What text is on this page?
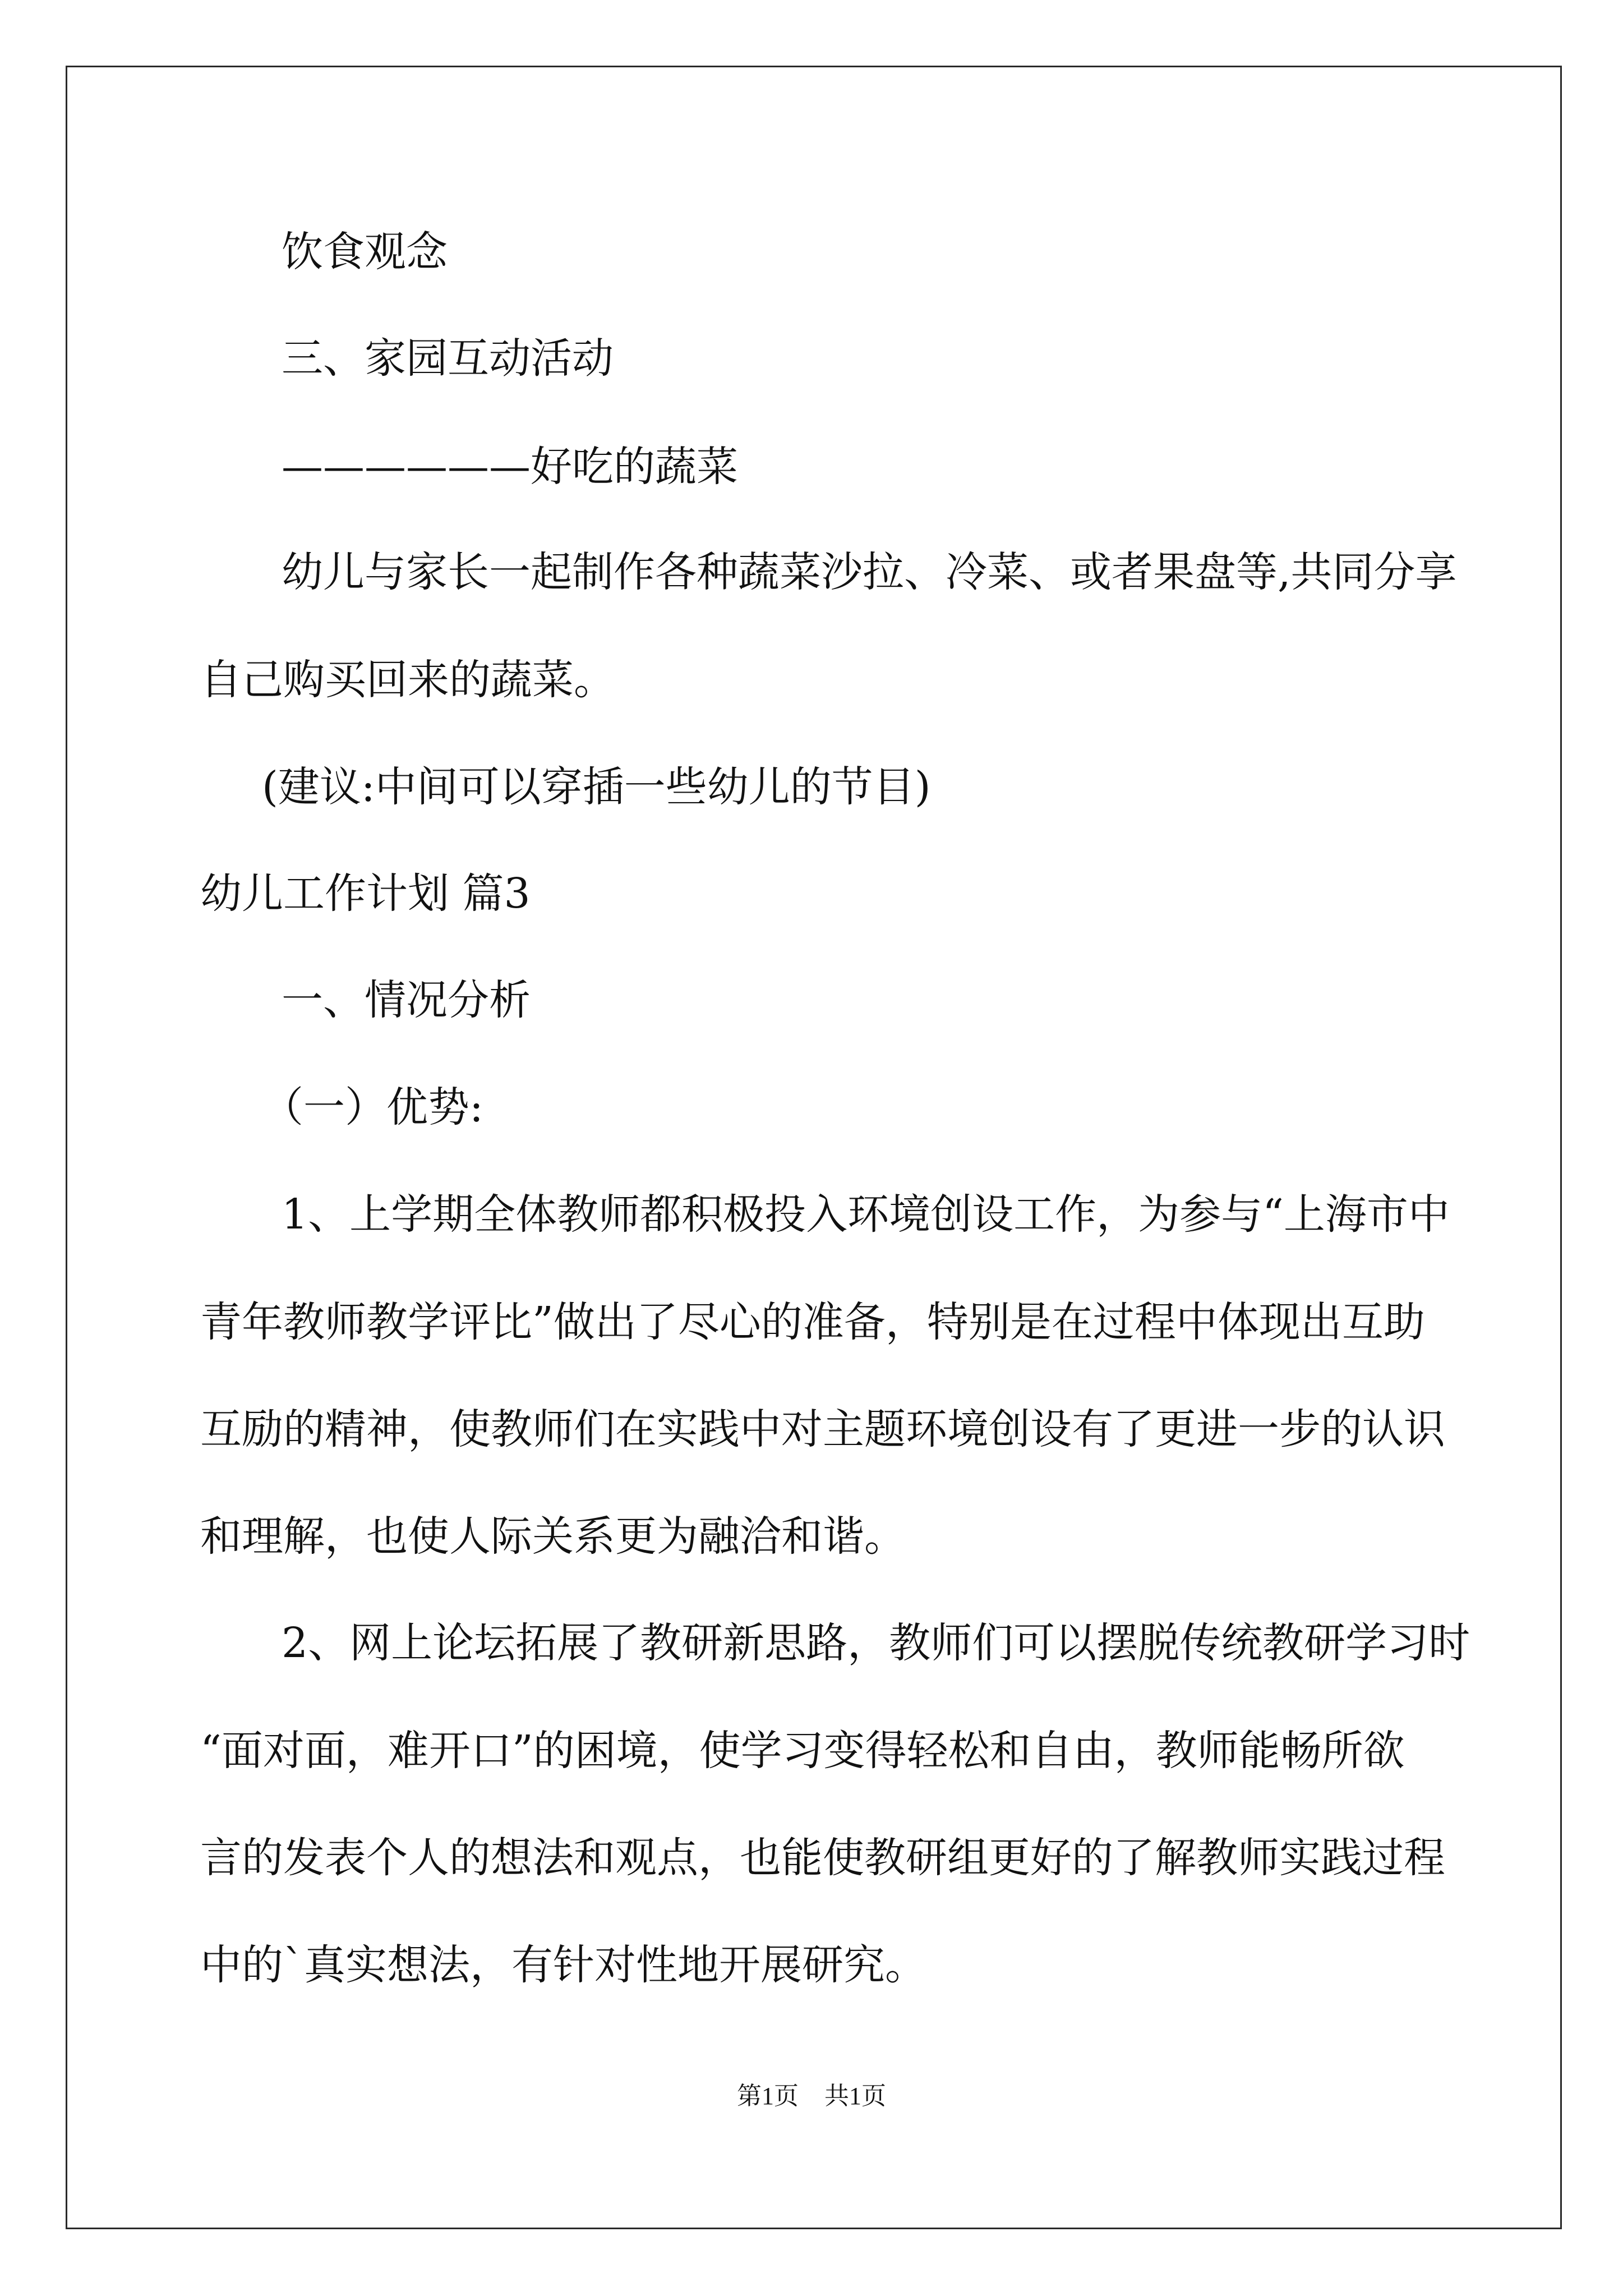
饮食观念
三、家园互动活动
——————好吃的蔬菜
幼儿与家长一起制作各种蔬菜沙拉、冷菜、或者果盘等,共同分享
自己购买回来的蔬菜。
(建议:中间可以穿插一些幼儿的节目)
幼儿工作计划 篇3
一、情况分析
（一）优势:
1、上学期全体教师都积极投入环境创设工作，为参与“上海市中
青年教师教学评比”做出了尽心的准备，特别是在过程中体现出互助
互励的精神，使教师们在实践中对主题环境创设有了更进一步的认识
和理解，也使人际关系更为融洽和谐。
2、网上论坛拓展了教研新思路，教师们可以摆脱传统教研学习时
“面对面，难开口”的困境，使学习变得轻松和自由，教师能畅所欲
言的发表个人的想法和观点，也能使教研组更好的了解教师实践过程
中的`真实想法，有针对性地开展研究。
第1页 共1页
